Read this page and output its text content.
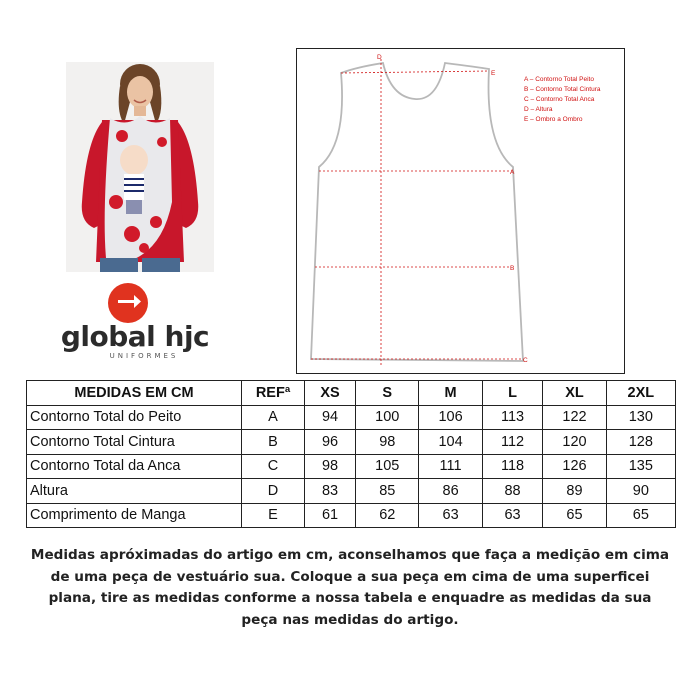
global hjc
UNIFORMES
D
E
A
B
C
A – Contorno Total Peito
B – Contorno Total Cintura
C – Contorno Total Anca
D – Altura
E – Ombro a Ombro
MEDIDAS EM CM	REFª	XS	S	M	L	XL	2XL
Contorno Total do Peito	A	94	100	106	113	122	130
Contorno Total Cintura	B	96	98	104	112	120	128
Contorno Total da Anca	C	98	105	111	118	126	135
Altura	D	83	85	86	88	89	90
Comprimento de Manga	E	61	62	63	63	65	65
Medidas apróximadas do artigo em cm, aconselhamos que faça a medição em cima de uma peça de vestuário sua. Coloque a sua peça em cima de uma superficei plana, tire as medidas conforme a nossa tabela e enquadre as medidas da sua peça nas medidas do artigo.
